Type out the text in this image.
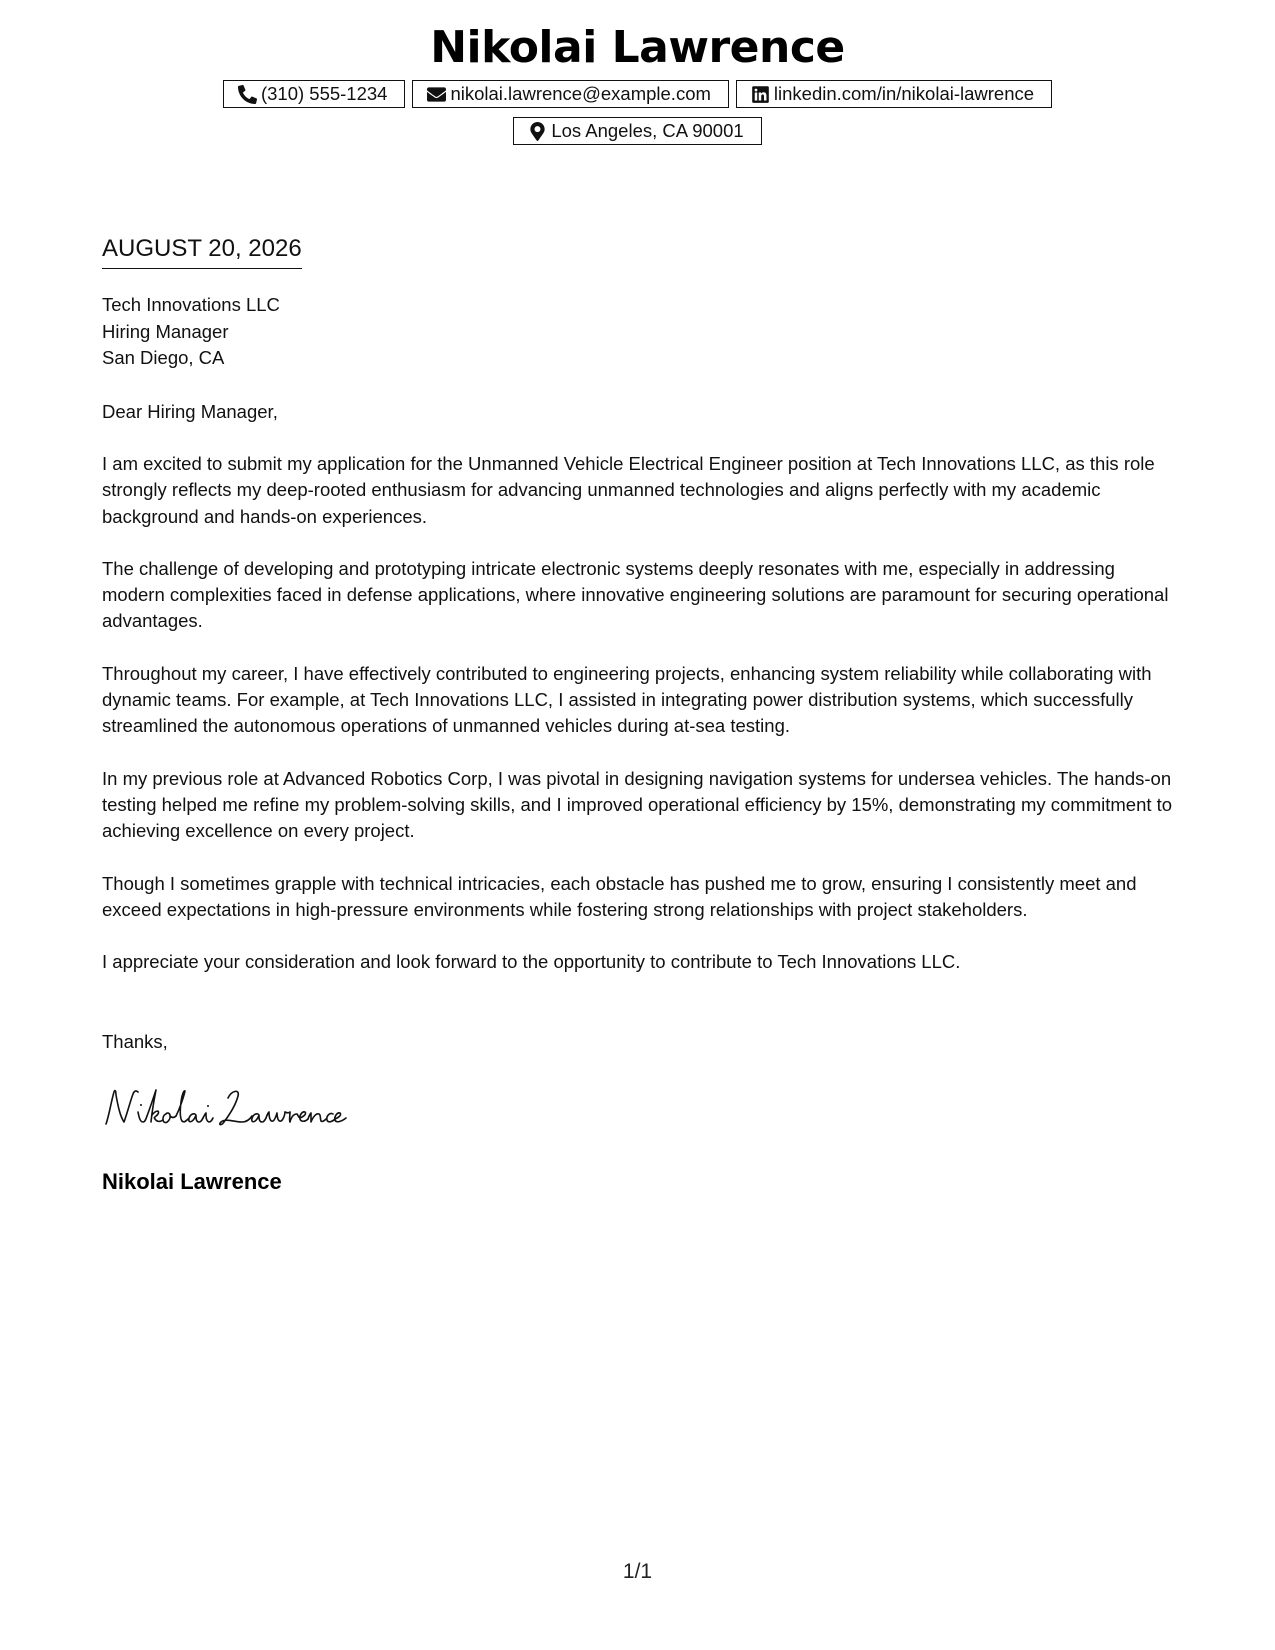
Nikolai Lawrence
(310) 555-1234	nikolai.lawrence@example.com	linkedin.com/in/nikolai-lawrence
Los Angeles, CA 90001
AUGUST 20, 2026
Tech Innovations LLC
Hiring Manager
San Diego, CA
Dear Hiring Manager,

I am excited to submit my application for the Unmanned Vehicle Electrical Engineer position at Tech Innovations LLC, as this role strongly reflects my deep-rooted enthusiasm for advancing unmanned technologies and aligns perfectly with my academic background and hands-on experiences.

The challenge of developing and prototyping intricate electronic systems deeply resonates with me, especially in addressing modern complexities faced in defense applications, where innovative engineering solutions are paramount for securing operational advantages.

Throughout my career, I have effectively contributed to engineering projects, enhancing system reliability while collaborating with dynamic teams. For example, at Tech Innovations LLC, I assisted in integrating power distribution systems, which successfully streamlined the autonomous operations of unmanned vehicles during at-sea testing.

In my previous role at Advanced Robotics Corp, I was pivotal in designing navigation systems for undersea vehicles. The hands-on testing helped me refine my problem-solving skills, and I improved operational efficiency by 15%, demonstrating my commitment to achieving excellence on every project.

Though I sometimes grapple with technical intricacies, each obstacle has pushed me to grow, ensuring I consistently meet and exceed expectations in high-pressure environments while fostering strong relationships with project stakeholders.

I appreciate your consideration and look forward to the opportunity to contribute to Tech Innovations LLC.

Thanks,
Nikolai Lawrence
1/1
